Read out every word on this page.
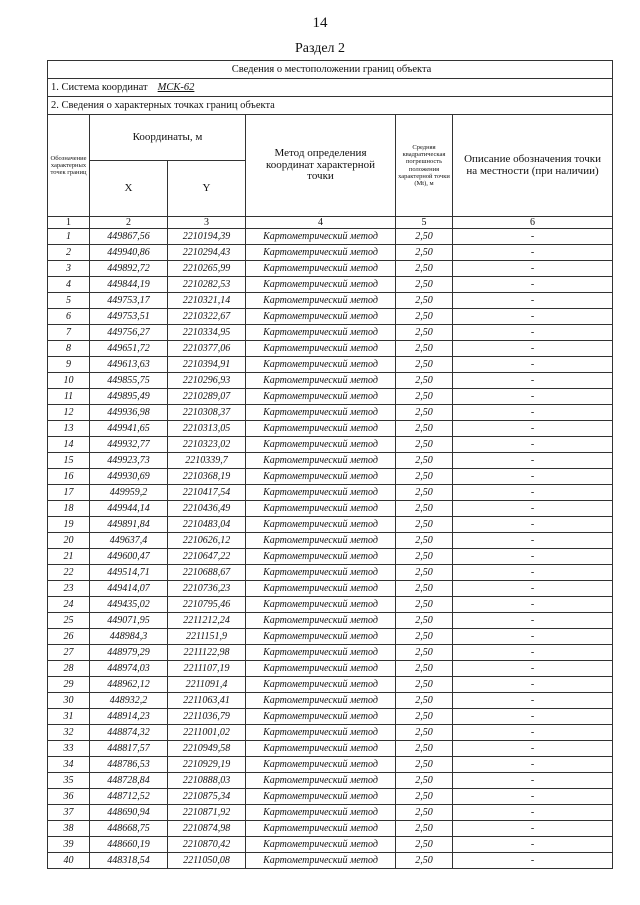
14
Раздел 2
Сведения о местоположении границ объекта					
1. Система координат МСК-62					
2. Сведения о характерных точках границ объекта					
Обозначение характерных точек границ	Координаты, м		Метод определения координат характерной точки	Средняя квадратическая погрешность положения характерной точки (Mt), м	Описание обозначения точки на местности (при наличии)
	X	Y			
1	2	3	4	5	6
1	449867,56	2210194,39	Картометрический метод	2,50	-
2	449940,86	2210294,43	Картометрический метод	2,50	-
3	449892,72	2210265,99	Картометрический метод	2,50	-
4	449844,19	2210282,53	Картометрический метод	2,50	-
5	449753,17	2210321,14	Картометрический метод	2,50	-
6	449753,51	2210322,67	Картометрический метод	2,50	-
7	449756,27	2210334,95	Картометрический метод	2,50	-
8	449651,72	2210377,06	Картометрический метод	2,50	-
9	449613,63	2210394,91	Картометрический метод	2,50	-
10	449855,75	2210296,93	Картометрический метод	2,50	-
11	449895,49	2210289,07	Картометрический метод	2,50	-
12	449936,98	2210308,37	Картометрический метод	2,50	-
13	449941,65	2210313,05	Картометрический метод	2,50	-
14	449932,77	2210323,02	Картометрический метод	2,50	-
15	449923,73	2210339,7	Картометрический метод	2,50	-
16	449930,69	2210368,19	Картометрический метод	2,50	-
17	449959,2	2210417,54	Картометрический метод	2,50	-
18	449944,14	2210436,49	Картометрический метод	2,50	-
19	449891,84	2210483,04	Картометрический метод	2,50	-
20	449637,4	2210626,12	Картометрический метод	2,50	-
21	449600,47	2210647,22	Картометрический метод	2,50	-
22	449514,71	2210688,67	Картометрический метод	2,50	-
23	449414,07	2210736,23	Картометрический метод	2,50	-
24	449435,02	2210795,46	Картометрический метод	2,50	-
25	449071,95	2211212,24	Картометрический метод	2,50	-
26	448984,3	2211151,9	Картометрический метод	2,50	-
27	448979,29	2211122,98	Картометрический метод	2,50	-
28	448974,03	2211107,19	Картометрический метод	2,50	-
29	448962,12	2211091,4	Картометрический метод	2,50	-
30	448932,2	2211063,41	Картометрический метод	2,50	-
31	448914,23	2211036,79	Картометрический метод	2,50	-
32	448874,32	2211001,02	Картометрический метод	2,50	-
33	448817,57	2210949,58	Картометрический метод	2,50	-
34	448786,53	2210929,19	Картометрический метод	2,50	-
35	448728,84	2210888,03	Картометрический метод	2,50	-
36	448712,52	2210875,34	Картометрический метод	2,50	-
37	448690,94	2210871,92	Картометрический метод	2,50	-
38	448668,75	2210874,98	Картометрический метод	2,50	-
39	448660,19	2210870,42	Картометрический метод	2,50	-
40	448318,54	2211050,08	Картометрический метод	2,50	-
